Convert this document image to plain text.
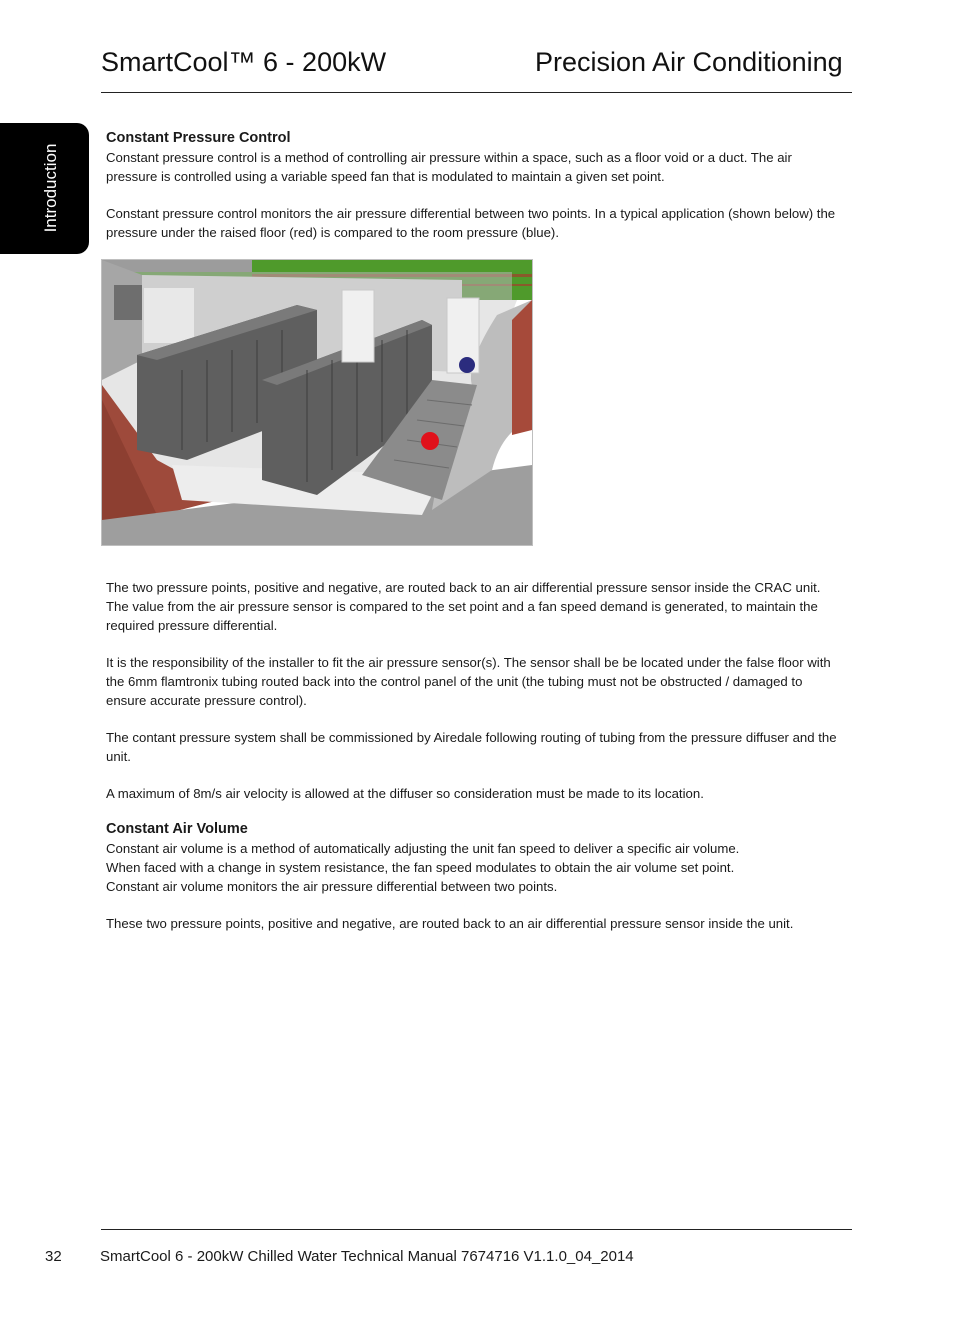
SmartCool™ 6 - 200kW	Precision Air Conditioning
Introduction

Constant Pressure Control

Constant pressure control is a method of controlling air pressure within a space, such as a floor void or a duct. The air pressure is controlled using a variable speed fan that is modulated to maintain a given set point.

Constant pressure control monitors the air pressure differential between two points. In a typical application (shown below) the pressure under the raised floor (red) is compared to the room pressure (blue).

The two pressure points, positive and negative, are routed back to an air differential pressure sensor inside the CRAC unit. The value from the air pressure sensor is compared to the set point and a fan speed demand is generated, to maintain the required pressure differential.

It is the responsibility of the installer to fit the air pressure sensor(s). The sensor shall be be located under the false floor with the 6mm flamtronix tubing routed back into the control panel of the unit (the tubing must not be obstructed / damaged to ensure accurate pressure control).

The contant pressure system shall be commissioned by Airedale following routing of tubing from the pressure diffuser and the unit.

A maximum of 8m/s air velocity is allowed at the diffuser so consideration must be made to its location.

Constant Air Volume

Constant air volume is a method of automatically adjusting the unit fan speed to deliver a specific air volume.

When faced with a change in system resistance, the fan speed modulates to obtain the air volume set point.

Constant air volume monitors the air pressure differential between two points.

These two pressure points, positive and negative, are routed back to an air differential pressure sensor inside the unit.

32	SmartCool 6 - 200kW Chilled Water Technical Manual 7674716 V1.1.0_04_2014
